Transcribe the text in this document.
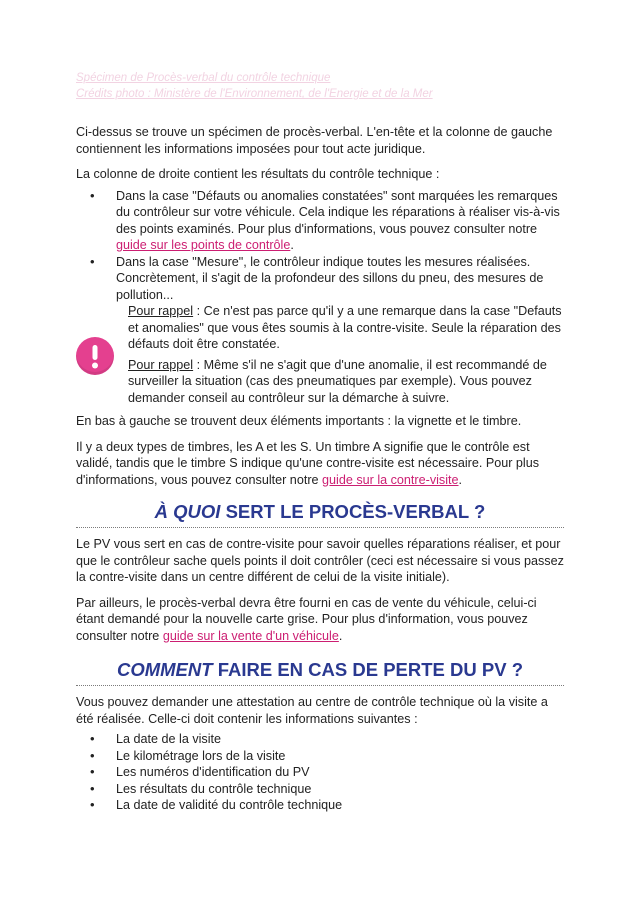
Spécimen de Procès-verbal du contrôle technique
Crédits photo : Ministère de l'Environnement, de l'Energie et de la Mer

Ci-dessus se trouve un spécimen de procès-verbal. L'en-tête et la colonne de gauche contiennent les informations imposées pour tout acte juridique.

La colonne de droite contient les résultats du contrôle technique :

• Dans la case "Défauts ou anomalies constatées" sont marquées les remarques du contrôleur sur votre véhicule. Cela indique les réparations à réaliser vis-à-vis des points examinés. Pour plus d'informations, vous pouvez consulter notre guide sur les points de contrôle.
• Dans la case "Mesure", le contrôleur indique toutes les mesures réalisées. Concrètement, il s'agit de la profondeur des sillons du pneu, des mesures de pollution...

Pour rappel : Ce n'est pas parce qu'il y a une remarque dans la case "Defauts et anomalies" que vous êtes soumis à la contre-visite. Seule la réparation des défauts doit être constatée.

Pour rappel : Même s'il ne s'agit que d'une anomalie, il est recommandé de surveiller la situation (cas des pneumatiques par exemple). Vous pouvez demander conseil au contrôleur sur la démarche à suivre.

En bas à gauche se trouvent deux éléments importants : la vignette et le timbre.

Il y a deux types de timbres, les A et les S. Un timbre A signifie que le contrôle est validé, tandis que le timbre S indique qu'une contre-visite est nécessaire. Pour plus d'informations, vous pouvez consulter notre guide sur la contre-visite.

À QUOI SERT LE PROCÈS-VERBAL ?

Le PV vous sert en cas de contre-visite pour savoir quelles réparations réaliser, et pour que le contrôleur sache quels points il doit contrôler (ceci est nécessaire si vous passez la contre-visite dans un centre différent de celui de la visite initiale).

Par ailleurs, le procès-verbal devra être fourni en cas de vente du véhicule, celui-ci étant demandé pour la nouvelle carte grise. Pour plus d'information, vous pouvez consulter notre guide sur la vente d'un véhicule.

COMMENT FAIRE EN CAS DE PERTE DU PV ?

Vous pouvez demander une attestation au centre de contrôle technique où la visite a été réalisée. Celle-ci doit contenir les informations suivantes :

• La date de la visite
• Le kilométrage lors de la visite
• Les numéros d'identification du PV
• Les résultats du contrôle technique
• La date de validité du contrôle technique
